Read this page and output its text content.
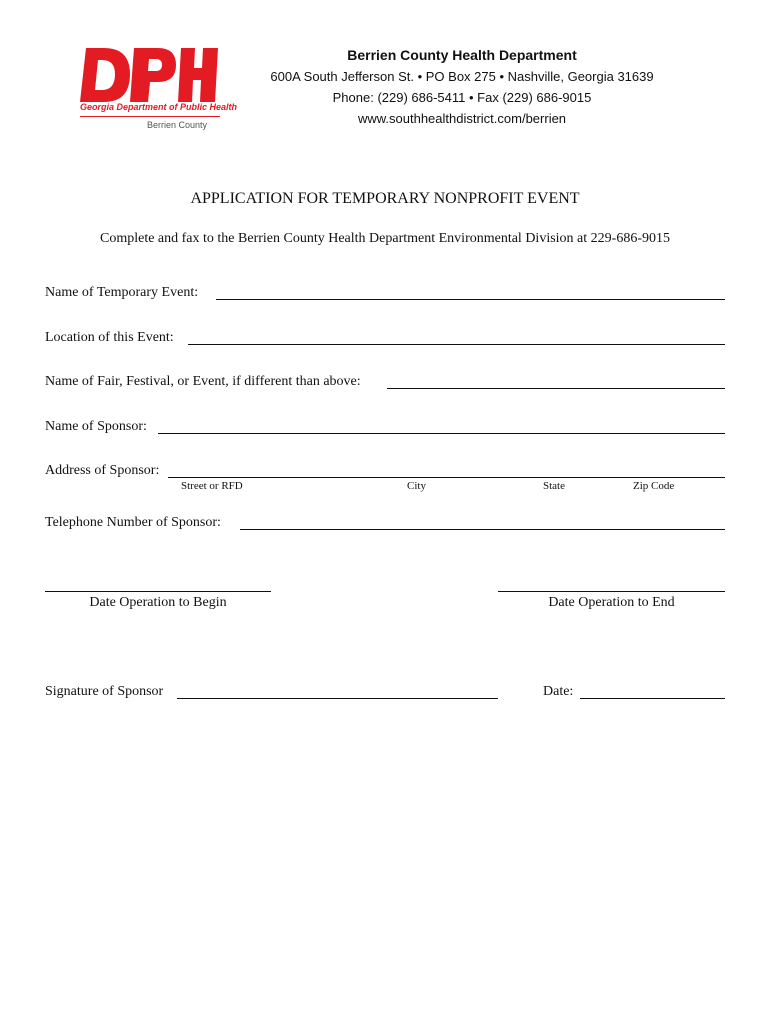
Georgia Department of Public Health
Berrien County
Berrien County Health Department
600A South Jefferson St. • PO Box 275 • Nashville, Georgia 31639
Phone: (229) 686-5411 • Fax (229) 686-9015
www.southhealthdistrict.com/berrien
APPLICATION FOR TEMPORARY NONPROFIT EVENT
Complete and fax to the Berrien County Health Department Environmental Division at 229-686-9015
Name of Temporary Event:
Location of this Event:
Name of Fair, Festival, or Event, if different than above:
Name of Sponsor:
Address of Sponsor:
Street or RFD	City	State	Zip Code
Telephone Number of Sponsor:
Date Operation to Begin	Date Operation to End
Signature of Sponsor	Date:
